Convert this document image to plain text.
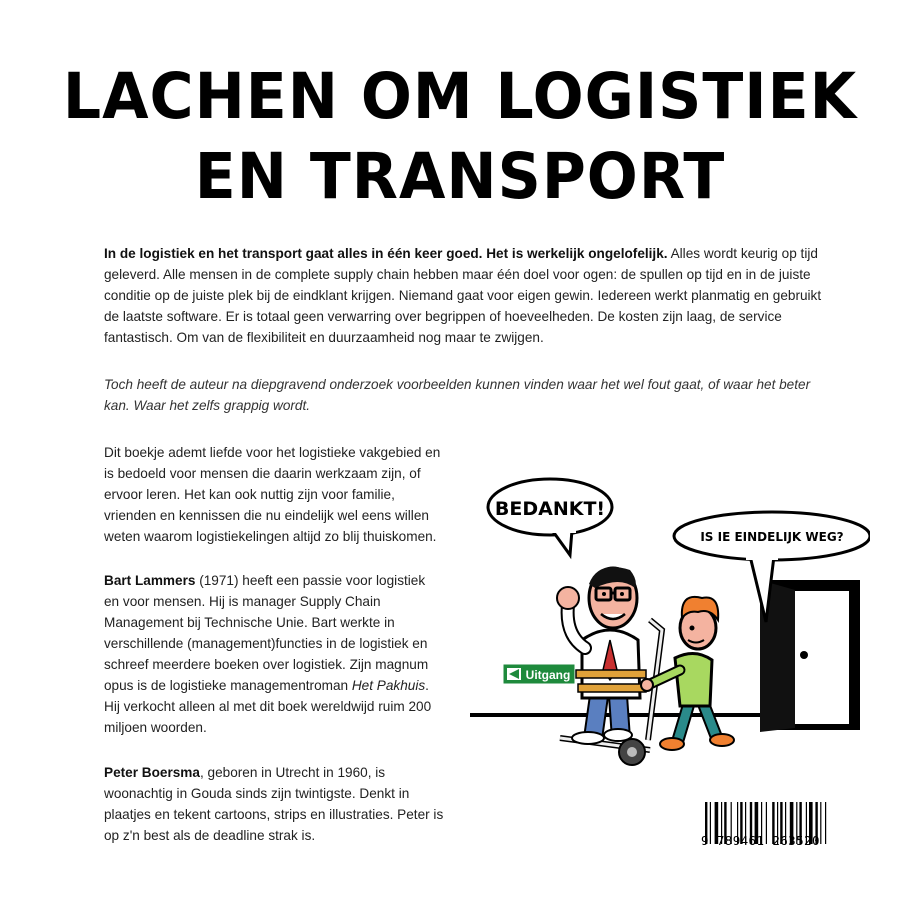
LACHEN OM LOGISTIEK
EN TRANSPORT
In de logistiek en het transport gaat alles in één keer goed. Het is werkelijk ongelofelijk. Alles wordt keurig op tijd geleverd. Alle mensen in de complete supply chain hebben maar één doel voor ogen: de spullen op tijd en in de juiste conditie op de juiste plek bij de eindklant krijgen. Niemand gaat voor eigen gewin. Iedereen werkt planmatig en gebruikt de laatste software. Er is totaal geen verwarring over begrippen of hoeveelheden. De kosten zijn laag, de service fantastisch. Om van de flexibiliteit en duurzaamheid nog maar te zwijgen.
Toch heeft de auteur na diepgravend onderzoek voorbeelden kunnen vinden waar het wel fout gaat, of waar het beter kan. Waar het zelfs grappig wordt.
Dit boekje ademt liefde voor het logistieke vakgebied en is bedoeld voor mensen die daarin werkzaam zijn, of ervoor leren. Het kan ook nuttig zijn voor familie, vrienden en kennissen die nu eindelijk wel eens willen weten waarom logistiekelingen altijd zo blij thuiskomen.
Bart Lammers (1971) heeft een passie voor logistiek en voor mensen. Hij is manager Supply Chain Management bij Technische Unie. Bart werkte in verschillende (management)functies in de logistiek en schreef meerdere boeken over logistiek. Zijn magnum opus is de logistieke managementroman Het Pakhuis. Hij verkocht alleen al met dit boek wereldwijd ruim 200 miljoen woorden.
Peter Boersma, geboren in Utrecht in 1960, is woonachtig in Gouda sinds zijn twintigste. Denkt in plaatjes en tekent cartoons, strips en illustraties. Peter is op z'n best als de deadline strak is.
BEDANKT!
IS IE EINDELIJK WEG?
Uitgang
9 789461 263520
